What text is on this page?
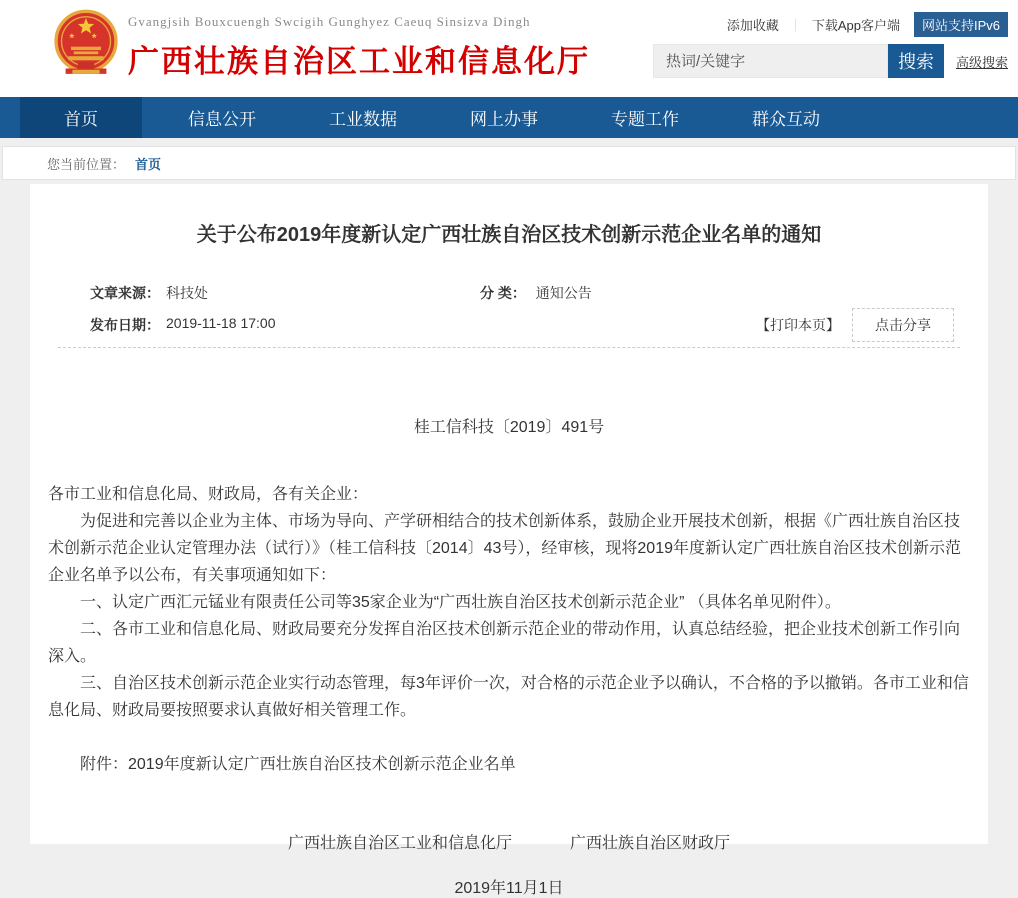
Gvangjsih Bouxcuengh Swcigih Gunghyez Caeuq Sinsizva Dingh
广西壮族自治区工业和信息化厅
添加收藏 ｜ 下载App客户端	网站支持IPv6
热词/关键字
搜索	高级搜索
首页	信息公开	工业数据	网上办事	专题工作	群众互动
您当前位置： 首页
关于公布2019年度新认定广西壮族自治区技术创新示范企业名单的通知
文章来源： 科技处	分 类： 通知公告
发布日期： 2019-11-18 17:00	【打印本页】	点击分享
桂工信科技〔2019〕491号

各市工业和信息化局、财政局，各有关企业：

为促进和完善以企业为主体、市场为导向、产学研相结合的技术创新体系，鼓励企业开展技术创新，根据《广西壮族自治区技术创新示范企业认定管理办法（试行）》（桂工信科技〔2014〕43号），经审核，现将2019年度新认定广西壮族自治区技术创新示范企业名单予以公布，有关事项通知如下：

一、认定广西汇元锰业有限责任公司等35家企业为“广西壮族自治区技术创新示范企业” （具体名单见附件）。

二、各市工业和信息化局、财政局要充分发挥自治区技术创新示范企业的带动作用，认真总结经验，把企业技术创新工作引向深入。

三、自治区技术创新示范企业实行动态管理，每3年评价一次，对合格的示范企业予以确认，不合格的予以撤销。各市工业和信息化局、财政局要按照要求认真做好相关管理工作。

附件：2019年度新认定广西壮族自治区技术创新示范企业名单

广西壮族自治区工业和信息化厅	广西壮族自治区财政厅
2019年11月1日
